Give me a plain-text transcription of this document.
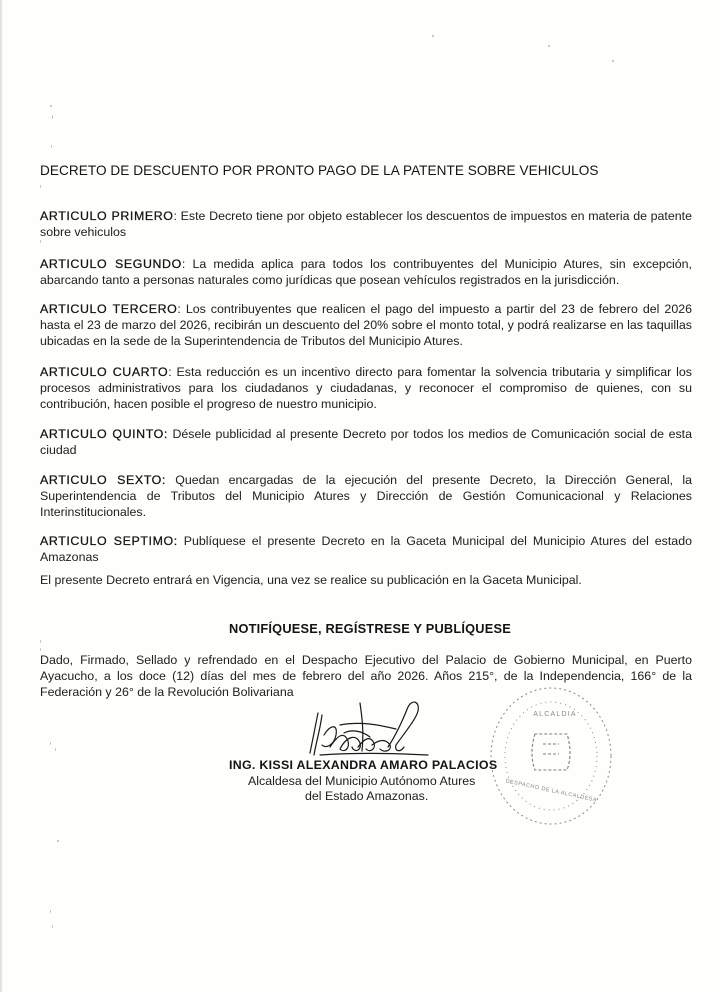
DECRETO DE DESCUENTO POR PRONTO PAGO DE LA PATENTE SOBRE VEHICULOS

ARTICULO PRIMERO: Este Decreto tiene por objeto establecer los descuentos de impuestos en materia de patente sobre vehiculos

ARTICULO SEGUNDO: La medida aplica para todos los contribuyentes del Municipio Atures, sin excepción, abarcando tanto a personas naturales como jurídicas que posean vehículos registrados en la jurisdicción.

ARTICULO TERCERO: Los contribuyentes que realicen el pago del impuesto a partir del 23 de febrero del 2026 hasta el 23 de marzo del 2026, recibirán un descuento del 20% sobre el monto total, y podrá realizarse en las taquillas ubicadas en la sede de la Superintendencia de Tributos del Municipio Atures.

ARTICULO CUARTO: Esta reducción es un incentivo directo para fomentar la solvencia tributaria y simplificar los procesos administrativos para los ciudadanos y ciudadanas, y reconocer el compromiso de quienes, con su contribución, hacen posible el progreso de nuestro municipio.

ARTICULO QUINTO: Désele publicidad al presente Decreto por todos los medios de Comunicación social de esta ciudad

ARTICULO SEXTO: Quedan encargadas de la ejecución del presente Decreto, la Dirección General, la Superintendencia de Tributos del Municipio Atures y Dirección de Gestión Comunicacional y Relaciones Interinstitucionales.

ARTICULO SEPTIMO: Publíquese el presente Decreto en la Gaceta Municipal del Municipio Atures del estado Amazonas

El presente Decreto entrará en Vigencia, una vez se realice su publicación en la Gaceta Municipal.
NOTIFÍQUESE, REGÍSTRESE Y PUBLÍQUESE

Dado, Firmado, Sellado y refrendado en el Despacho Ejecutivo del Palacio de Gobierno Municipal, en Puerto Ayacucho, a los doce (12) días del mes de febrero del año 2026. Años 215°, de la Independencia, 166° de la Federación y 26° de la Revolución Bolivariana

ALCALDIA
DESPACHO DE LA ALCALDESA
ING. KISSI ALEXANDRA AMARO PALACIOS
Alcaldesa del Municipio Autónomo Atures
del Estado Amazonas.
